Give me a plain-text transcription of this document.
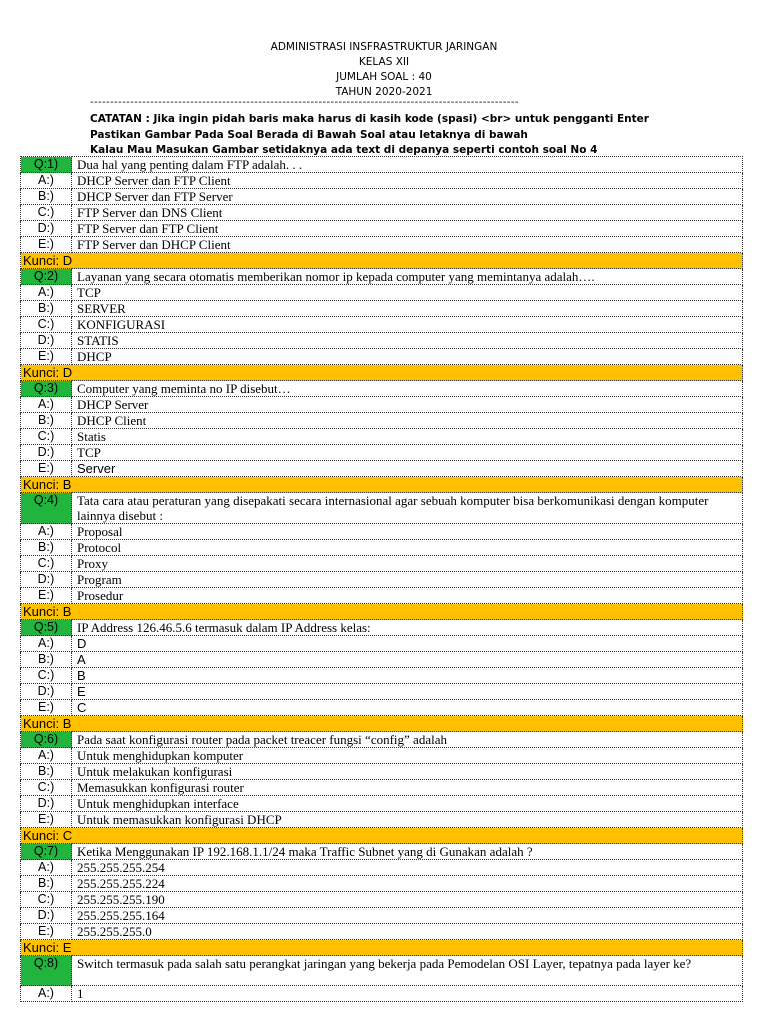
ADMINISTRASI INSFRASTRUKTUR JARINGAN
KELAS XII
JUMLAH SOAL : 40
TAHUN 2020-2021
-----------------------------------------------------------------------------------------------------------
CATATAN : Jika ingin pidah baris maka harus di kasih kode (spasi) <br> untuk pengganti Enter
Pastikan Gambar Pada Soal Berada di Bawah Soal atau letaknya di bawah
Kalau Mau Masukan Gambar setidaknya ada text di depanya seperti contoh soal No 4
Q:1)	Dua hal yang penting dalam FTP adalah. . .
A:)	DHCP Server dan FTP Client
B:)	DHCP Server dan FTP Server
C:)	FTP Server dan DNS Client
D:)	FTP Server dan FTP Client
E:)	FTP Server dan DHCP Client
Kunci: D	
Q:2)	Layanan yang secara otomatis memberikan nomor ip kepada computer yang memintanya adalah….
A:)	TCP
B:)	SERVER
C:)	KONFIGURASI
D:)	STATIS
E:)	DHCP
Kunci: D	
Q:3)	Computer yang meminta no IP disebut…
A:)	DHCP Server
B:)	DHCP Client
C:)	Statis
D:)	TCP
E:)	Server
Kunci: B	
Q:4)	Tata cara atau peraturan yang disepakati secara internasional agar sebuah komputer bisa berkomunikasi dengan komputer lainnya disebut :
A:)	Proposal
B:)	Protocol
C:)	Proxy
D:)	Program
E:)	Prosedur
Kunci: B	
Q:5)	IP Address 126.46.5.6 termasuk dalam IP Address kelas:
A:)	D
B:)	A
C:)	B
D:)	E
E:)	C
Kunci: B	
Q:6)	Pada saat konfigurasi router pada packet treacer fungsi “config” adalah
A:)	Untuk menghidupkan komputer
B:)	Untuk melakukan konfigurasi
C:)	Memasukkan konfigurasi router
D:)	Untuk menghidupkan interface
E:)	Untuk memasukkan konfigurasi DHCP
Kunci: C	
Q:7)	Ketika Menggunakan IP 192.168.1.1/24 maka Traffic Subnet yang di Gunakan adalah ?
A:)	255.255.255.254
B:)	255.255.255.224
C:)	255.255.255.190
D:)	255.255.255.164
E:)	255.255.255.0
Kunci: E	
Q:8)	Switch termasuk pada salah satu perangkat jaringan yang bekerja pada Pemodelan OSI Layer, tepatnya pada layer ke?
A:)	1
